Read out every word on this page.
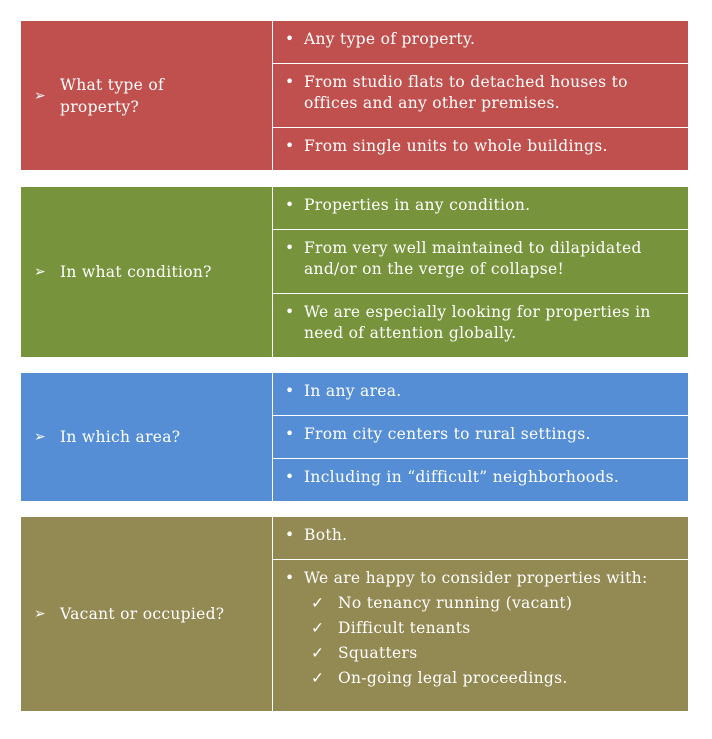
➢
What type of property?
• Any type of property.
• From studio flats to detached houses to offices and any other premises.
• From single units to whole buildings.
➢ In what condition?
• Properties in any condition.
• From very well maintained to dilapidated and/or on the verge of collapse!
• We are especially looking for properties in need of attention globally.
➢ In which area?
• In any area.
• From city centers to rural settings.
• Including in “difficult” neighborhoods.
➢ Vacant or occupied?
• Both.
• We are happy to consider properties with:
✓ No tenancy running (vacant)
✓ Difficult tenants
✓ Squatters
✓ On-going legal proceedings.
